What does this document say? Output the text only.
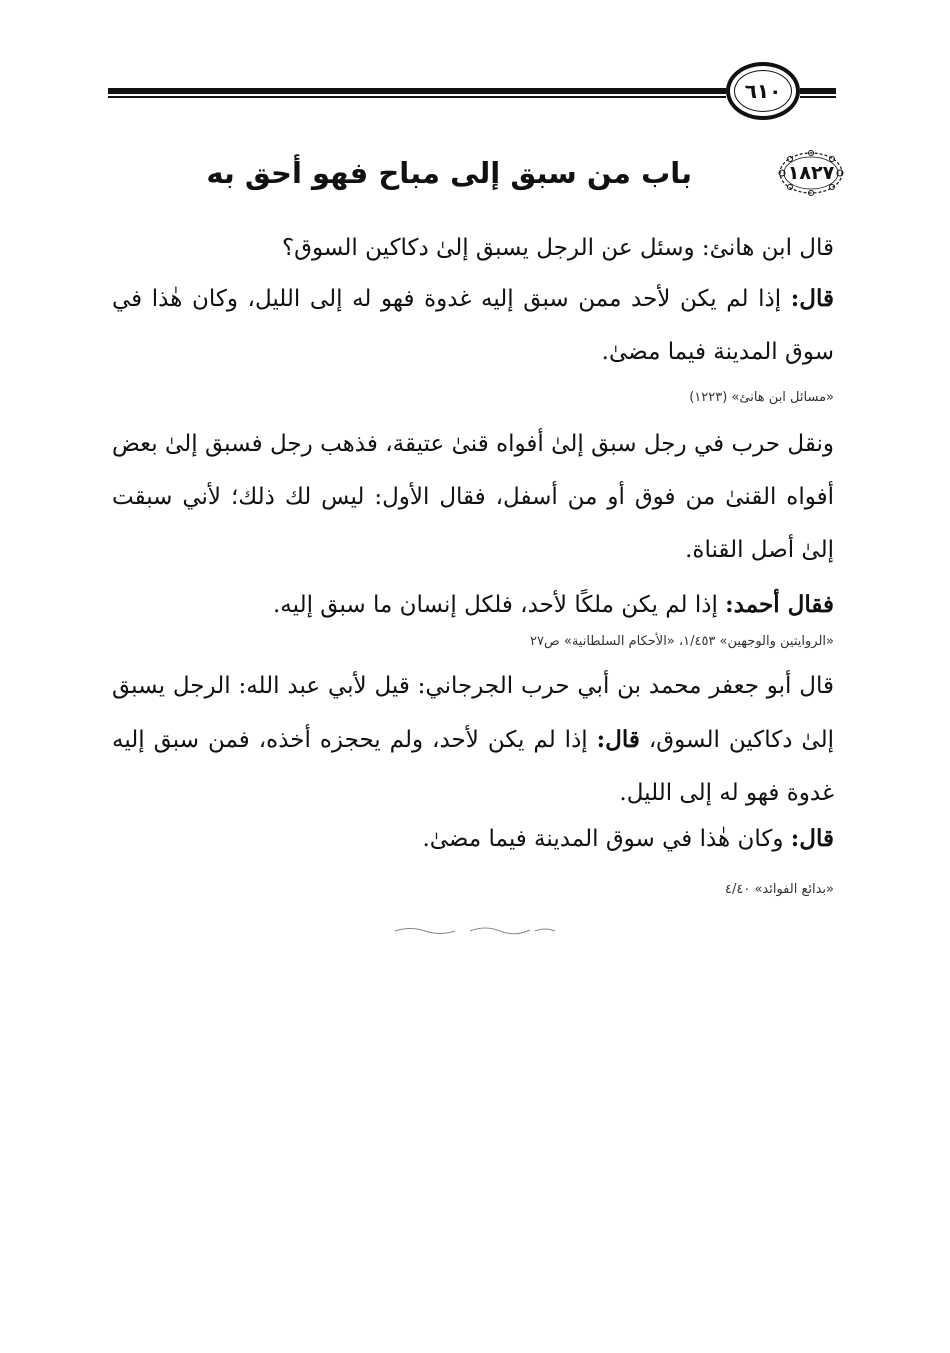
٦١٠
١٨٢٧
باب من سبق إلى مباح فهو أحق به
قال ابن هانئ: وسئل عن الرجل يسبق إلىٰ دكاكين السوق؟
قال: إذا لم يكن لأحد ممن سبق إليه غدوة فهو له إلى الليل، وكان هٰذا في سوق المدينة فيما مضىٰ.
«مسائل ابن هانئ» (١٢٢٣)
ونقل حرب في رجل سبق إلىٰ أفواه قنىٰ عتيقة، فذهب رجل فسبق إلىٰ بعض أفواه القنىٰ من فوق أو من أسفل، فقال الأول: ليس لك ذلك؛ لأني سبقت إلىٰ أصل القناة.
فقال أحمد: إذا لم يكن ملكًا لأحد، فلكل إنسان ما سبق إليه.
«الروايتين والوجهين» ١/٤٥٣، «الأحكام السلطانية» ص٢٧
قال أبو جعفر محمد بن أبي حرب الجرجاني: قيل لأبي عبد الله: الرجل يسبق إلىٰ دكاكين السوق، قال: إذا لم يكن لأحد، ولم يحجزه أخذه، فمن سبق إليه غدوة فهو له إلى الليل.
قال: وكان هٰذا في سوق المدينة فيما مضىٰ.
«بدائع الفوائد» ٤/٤٠
